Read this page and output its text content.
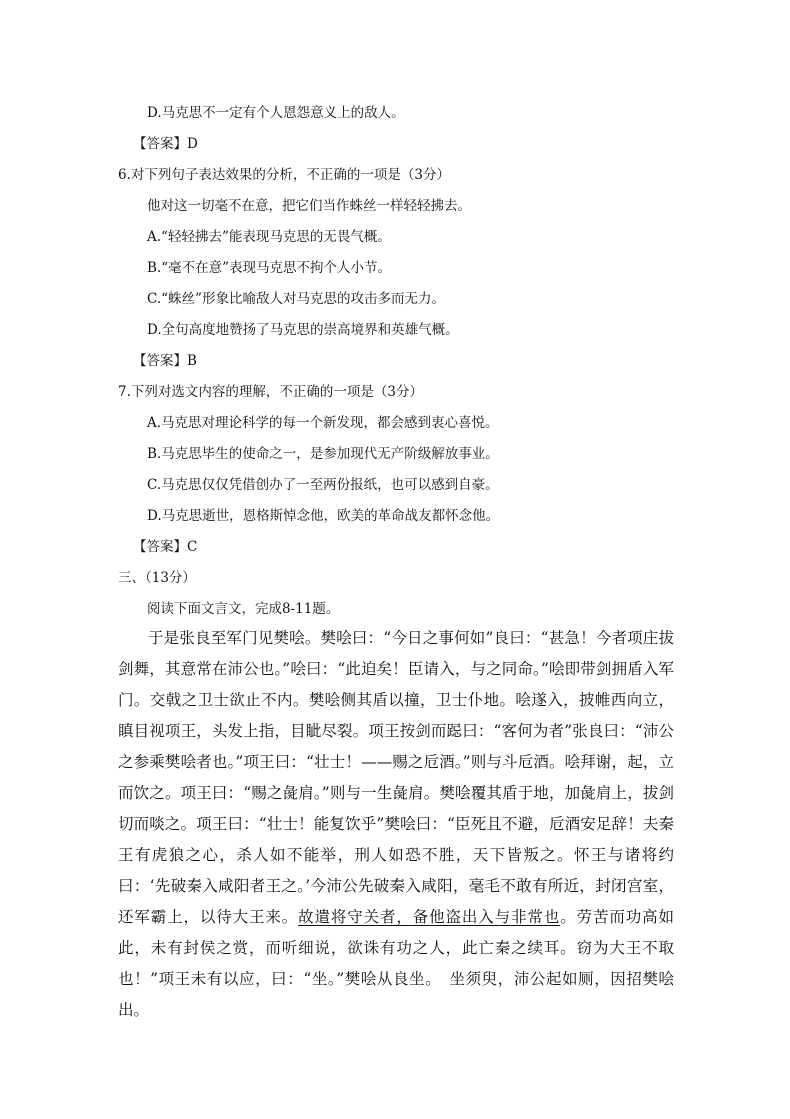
D.马克思不一定有个人恩怨意义上的敌人。
【答案】D
6.对下列句子表达效果的分析，不正确的一项是（3分）
他对这一切毫不在意，把它们当作蛛丝一样轻轻拂去。
A.“轻轻拂去”能表现马克思的无畏气概。
B.“毫不在意”表现马克思不拘个人小节。
C.“蛛丝”形象比喻敌人对马克思的攻击多而无力。
D.全句高度地赞扬了马克思的崇高境界和英雄气概。
【答案】B
7.下列对选文内容的理解，不正确的一项是（3分）
A.马克思对理论科学的每一个新发现，都会感到衷心喜悦。
B.马克思毕生的使命之一，是参加现代无产阶级解放事业。
C.马克思仅仅凭借创办了一至两份报纸，也可以感到自豪。
D.马克思逝世，恩格斯悼念他，欧美的革命战友都怀念他。
【答案】C
三、（13分）
阅读下面文言文，完成8-11题。

于是张良至军门见樊哙。樊哙曰：“今日之事何如”良曰：“甚急！今者项庄拔剑舞，其意常在沛公也。”哙曰：“此迫矣！臣请入，与之同命。”哙即带剑拥盾入军门。交戟之卫士欲止不内。樊哙侧其盾以撞，卫士仆地。哙遂入，披帷西向立，瞋目视项王，头发上指，目眦尽裂。项王按剑而跽曰：“客何为者”张良曰：“沛公之参乘樊哙者也。”项王曰：“壮士！——赐之卮酒。”则与斗卮酒。哙拜谢，起，立而饮之。项王曰：“赐之彘肩。”则与一生彘肩。樊哙覆其盾于地，加彘肩上，拔剑切而啖之。项王曰：“壮士！能复饮乎”樊哙曰：“臣死且不避，卮酒安足辞！夫秦王有虎狼之心，杀人如不能举，刑人如恐不胜，天下皆叛之。怀王与诸将约曰：‘先破秦入咸阳者王之。’今沛公先破秦入咸阳，毫毛不敢有所近，封闭宫室，还军霸上，以待大王来。故遣将守关者，备他盗出入与非常也。劳苦而功高如此，未有封侯之赏，而听细说，欲诛有功之人，此亡秦之续耳。窃为大王不取也！”项王未有以应，曰：“坐。”樊哙从良坐。　坐须臾，沛公起如厕，因招樊哙出。
